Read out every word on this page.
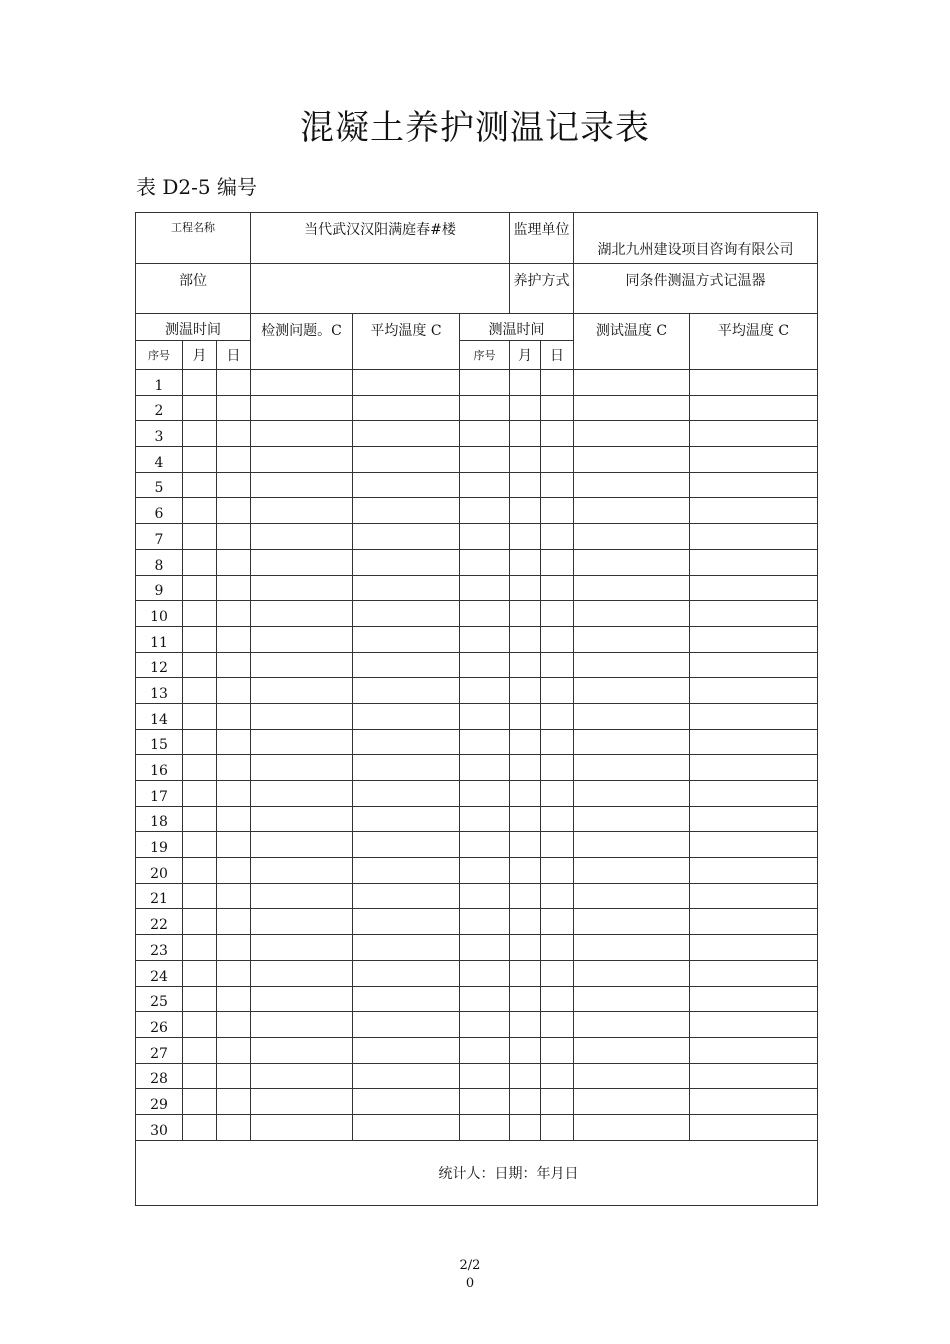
混凝土养护测温记录表
表 D2-5 编号
工程名称			当代武汉汉阳满庭春#楼			监理单位		湖北九州建设项目咨询有限公司	
部位						养护方式		同条件测温方式记温器	
测温时间			检测问题。C	平均温度 C	测温时间			测试温度 C	平均温度 C
序号	月	日			序号	月	日		
1									
2									
3									
4									
5									
6									
7									
8									
9									
10									
11									
12									
13									
14									
15									
16									
17									
18									
19									
20									
21									
22									
23									
24									
25									
26									
27									
28									
29									
30									
统计人：日期：年月日									
2/2
0
